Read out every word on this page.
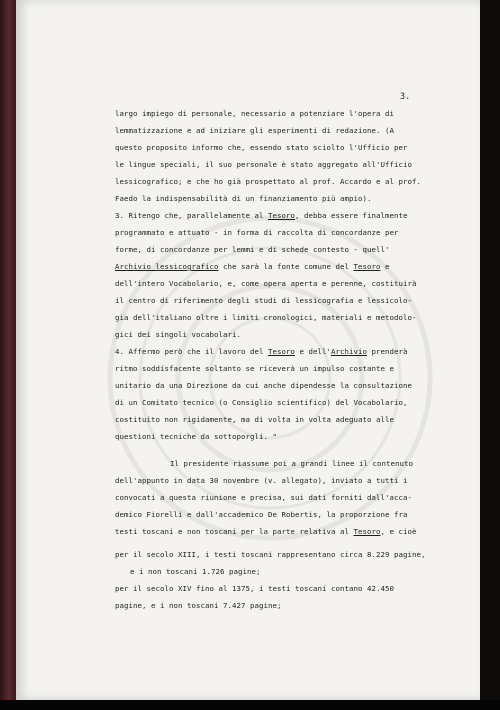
3.
largo impiego di personale, necessario a potenziare l'opera di
lemmatizzazione e ad iniziare gli esperimenti di redazione. (A
questo proposito informo che, essendo stato sciolto l'Ufficio per
le lingue speciali, il suo personale è stato aggregato all'Ufficio
lessicografico; e che ho già prospettato al prof. Accardo e al prof.
Faedo la indispensabilità di un finanziamento più ampio).
3. Ritengo che, parallelamente al Tesoro, debba essere finalmente
programmato e attuato - in forma di raccolta di concordanze per
forme, di concordanze per lemmi e di schede contesto - quell'
Archivio lessicografico che sarà la fonte comune del Tesoro e
dell'intero Vocabolario, e, come opera aperta e perenne, costituirà
il centro di riferimento degli studi di lessicografia e lessicolo-
gia dell'italiano oltre i limiti cronologici, materiali e metodolo-
gici dei singoli vocabolari.
4. Affermo però che il lavoro del Tesoro e dell'Archivio prenderà
ritmo soddisfacente soltanto se riceverà un impulso costante e
unitario da una Direzione da cui anche dipendesse la consultazione
di un Comitato tecnico (o Consiglio scientifico) del Vocabolario,
costituito non rigidamente, ma di volta in volta adeguato alle
questioni tecniche da sottoporgli. "
Il presidente riassume poi a grandi linee il contenuto
dell'appunto in data 30 novembre (v. allegato), inviato a tutti i
convocati a questa riunione e precisa, sui dati forniti dall'acca-
demico Fiorelli e dall'accademico De Robertis, la proporzione fra
testi toscani e non toscani per la parte relativa al Tesoro, e cioè
per il secolo XIII, i testi toscani rappresentano circa 8.229 pagine,
e i non toscani 1.726 pagine;
per il secolo XIV fino al 1375, i testi toscani contano 42.450
pagine, e i non toscani 7.427 pagine;
